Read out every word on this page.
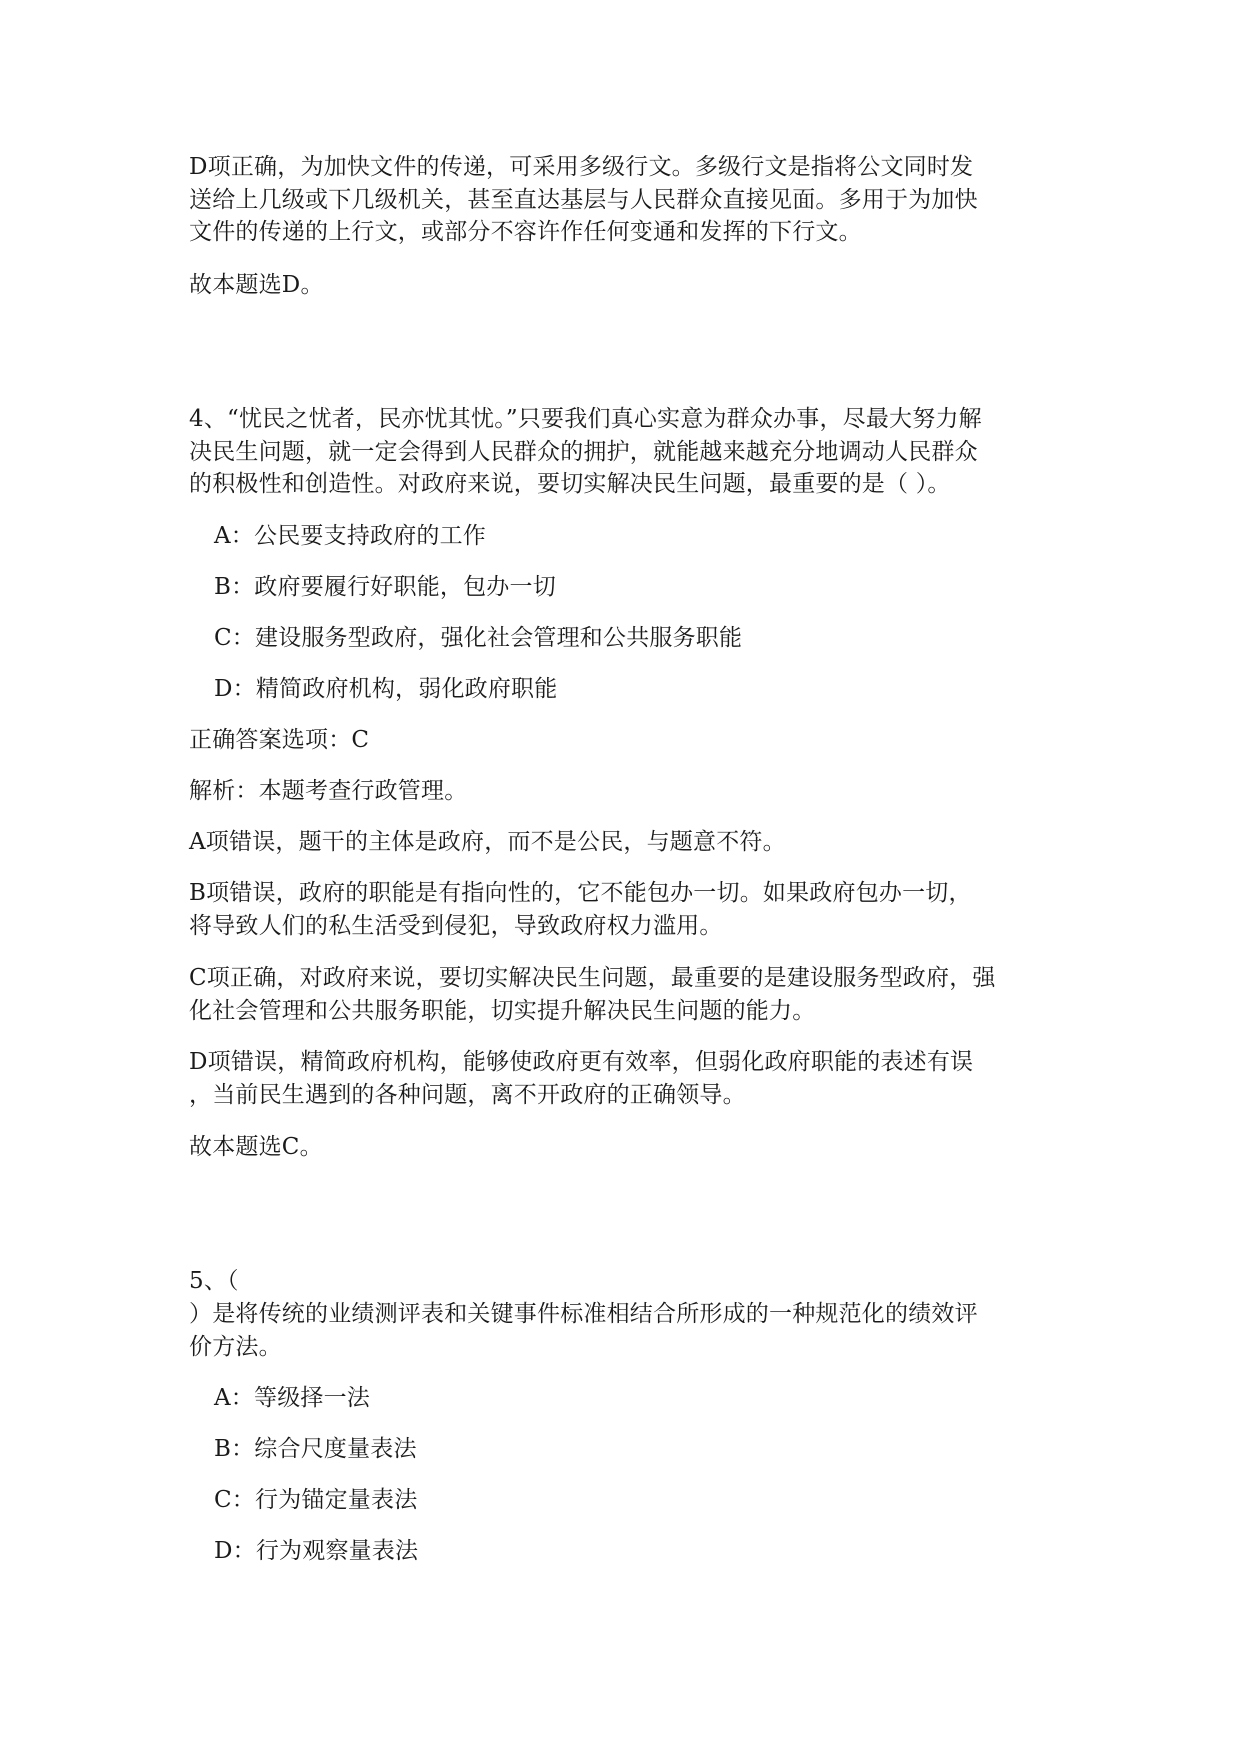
D项正确，为加快文件的传递，可采用多级行文。多级行文是指将公文同时发
送给上几级或下几级机关，甚至直达基层与人民群众直接见面。多用于为加快
文件的传递的上行文，或部分不容许作任何变通和发挥的下行文。
故本题选D。
4、“忧民之忧者，民亦忧其忧。”只要我们真心实意为群众办事，尽最大努力解
决民生问题，就一定会得到人民群众的拥护，就能越来越充分地调动人民群众
的积极性和创造性。对政府来说，要切实解决民生问题，最重要的是（ ）。
A：公民要支持政府的工作
B：政府要履行好职能，包办一切
C：建设服务型政府，强化社会管理和公共服务职能
D：精简政府机构，弱化政府职能
正确答案选项：C
解析：本题考查行政管理。
A项错误，题干的主体是政府，而不是公民，与题意不符。
B项错误，政府的职能是有指向性的，它不能包办一切。如果政府包办一切，
将导致人们的私生活受到侵犯，导致政府权力滥用。
C项正确，对政府来说，要切实解决民生问题，最重要的是建设服务型政府，强
化社会管理和公共服务职能，切实提升解决民生问题的能力。
D项错误，精简政府机构，能够使政府更有效率，但弱化政府职能的表述有误
，当前民生遇到的各种问题，离不开政府的正确领导。
故本题选C。
5、（
）是将传统的业绩测评表和关键事件标准相结合所形成的一种规范化的绩效评
价方法。
A：等级择一法
B：综合尺度量表法
C：行为锚定量表法
D：行为观察量表法
